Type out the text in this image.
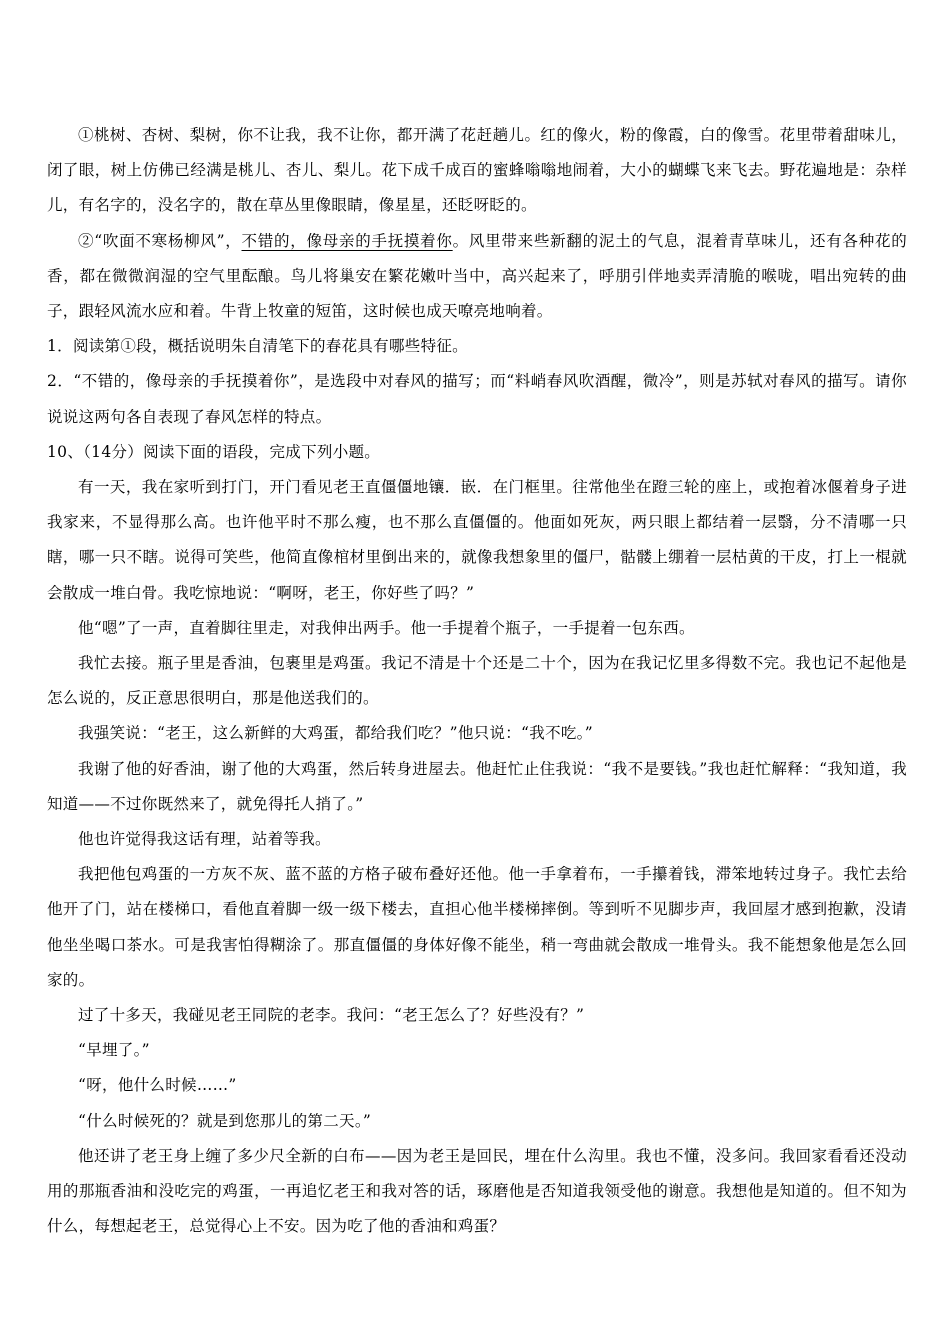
①桃树、杏树、梨树，你不让我，我不让你，都开满了花赶趟儿。红的像火，粉的像霞，白的像雪。花里带着甜味儿，闭了眼，树上仿佛已经满是桃儿、杏儿、梨儿。花下成千成百的蜜蜂嗡嗡地闹着，大小的蝴蝶飞来飞去。野花遍地是：杂样儿，有名字的，没名字的，散在草丛里像眼睛，像星星，还眨呀眨的。

②“吹面不寒杨柳风”，不错的，像母亲的手抚摸着你。风里带来些新翻的泥土的气息，混着青草味儿，还有各种花的香，都在微微润湿的空气里酝酿。鸟儿将巢安在繁花嫩叶当中，高兴起来了，呼朋引伴地卖弄清脆的喉咙，唱出宛转的曲子，跟轻风流水应和着。牛背上牧童的短笛，这时候也成天嘹亮地响着。

1．阅读第①段，概括说明朱自清笔下的春花具有哪些特征。

2．“不错的，像母亲的手抚摸着你”，是选段中对春风的描写；而“料峭春风吹酒醒，微冷”，则是苏轼对春风的描写。请你说说这两句各自表现了春风怎样的特点。

10、（14分）阅读下面的语段，完成下列小题。

有一天，我在家听到打门，开门看见老王直僵僵地镶．嵌．在门框里。往常他坐在蹬三轮的座上，或抱着冰偃着身子进我家来，不显得那么高。也许他平时不那么瘦，也不那么直僵僵的。他面如死灰，两只眼上都结着一层翳，分不清哪一只瞎，哪一只不瞎。说得可笑些，他简直像棺材里倒出来的，就像我想象里的僵尸，骷髅上绷着一层枯黄的干皮，打上一棍就会散成一堆白骨。我吃惊地说：“啊呀，老王，你好些了吗？”

他“嗯”了一声，直着脚往里走，对我伸出两手。他一手提着个瓶子，一手提着一包东西。

我忙去接。瓶子里是香油，包裹里是鸡蛋。我记不清是十个还是二十个，因为在我记忆里多得数不完。我也记不起他是怎么说的，反正意思很明白，那是他送我们的。

我强笑说：“老王，这么新鲜的大鸡蛋，都给我们吃？”他只说：“我不吃。”

我谢了他的好香油，谢了他的大鸡蛋，然后转身进屋去。他赶忙止住我说：“我不是要钱。”我也赶忙解释：“我知道，我知道——不过你既然来了，就免得托人捎了。”

他也许觉得我这话有理，站着等我。

我把他包鸡蛋的一方灰不灰、蓝不蓝的方格子破布叠好还他。他一手拿着布，一手攥着钱，滞笨地转过身子。我忙去给他开了门，站在楼梯口，看他直着脚一级一级下楼去，直担心他半楼梯摔倒。等到听不见脚步声，我回屋才感到抱歉，没请他坐坐喝口茶水。可是我害怕得糊涂了。那直僵僵的身体好像不能坐，稍一弯曲就会散成一堆骨头。我不能想象他是怎么回家的。

过了十多天，我碰见老王同院的老李。我问：“老王怎么了？好些没有？”

“早埋了。”

“呀，他什么时候……”

“什么时候死的？就是到您那儿的第二天。”

他还讲了老王身上缠了多少尺全新的白布——因为老王是回民，埋在什么沟里。我也不懂，没多问。我回家看看还没动用的那瓶香油和没吃完的鸡蛋，一再追忆老王和我对答的话，琢磨他是否知道我领受他的谢意。我想他是知道的。但不知为什么，每想起老王，总觉得心上不安。因为吃了他的香油和鸡蛋？
